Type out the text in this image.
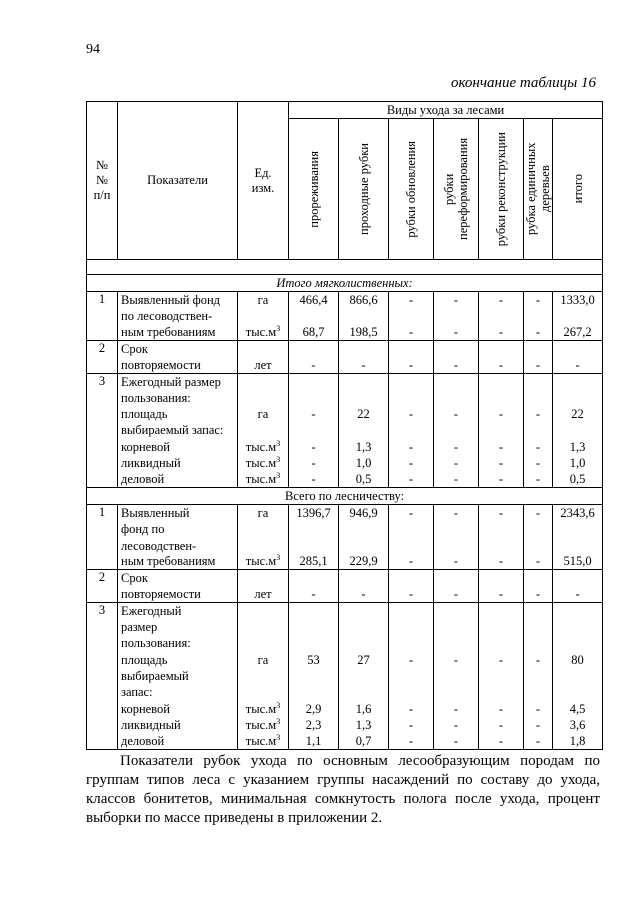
94
окончание таблицы 16
№
№
п/п	Показатели	Ед.
изм.	Виды ухода за лесами						

			прореживания	проходные рубки	рубки обновления	рубки переформирования	рубки реконструкции	рубка единичных деревьев	итого

Итого мягколиственных:									
1	Выявленный фонд	га	466,4	866,6	-	-	-	-	1333,0
	по лесоводствен-								
	ным требованиям	$тыс.м^3$	68,7	198,5	-	-	-	-	267,2
2	Срок								
	повторяемости	лет	-	-	-	-	-	-	-
3	Ежегодный размер								
	пользования:								
	площадь	га	-	22	-	-	-	-	22
	выбираемый запас:								
	корневой	$тыс.м^3$	-	1,3	-	-	-	-	1,3
	ликвидный	$тыс.м^3$	-	1,0	-	-	-	-	1,0
	деловой	$тыс.м^3$	-	0,5	-	-	-	-	0,5
Всего по лесничеству:									
1	Выявленный	га	1396,7	946,9	-	-	-	-	2343,6
	фонд по								
	лесоводствен-								
	ным требованиям	$тыс.м^3$	285,1	229,9	-	-	-	-	515,0
2	Срок								
	повторяемости	лет	-	-	-	-	-	-	-
3	Ежегодный								
	размер								
	пользования:								
	площадь	га	53	27	-	-	-	-	80
	выбираемый								
	запас:								
	корневой	$тыс.м^3$	2,9	1,6	-	-	-	-	4,5
	ликвидный	$тыс.м^3$	2,3	1,3	-	-	-	-	3,6
	деловой	$тыс.м^3$	1,1	0,7	-	-	-	-	1,8
Показатели рубок ухода по основным лесообразующим породам по группам типов леса с указанием группы насаждений по составу до ухода, классов бонитетов, минимальная сомкнутость полога после ухода, процент выборки по массе приведены в приложении 2.
